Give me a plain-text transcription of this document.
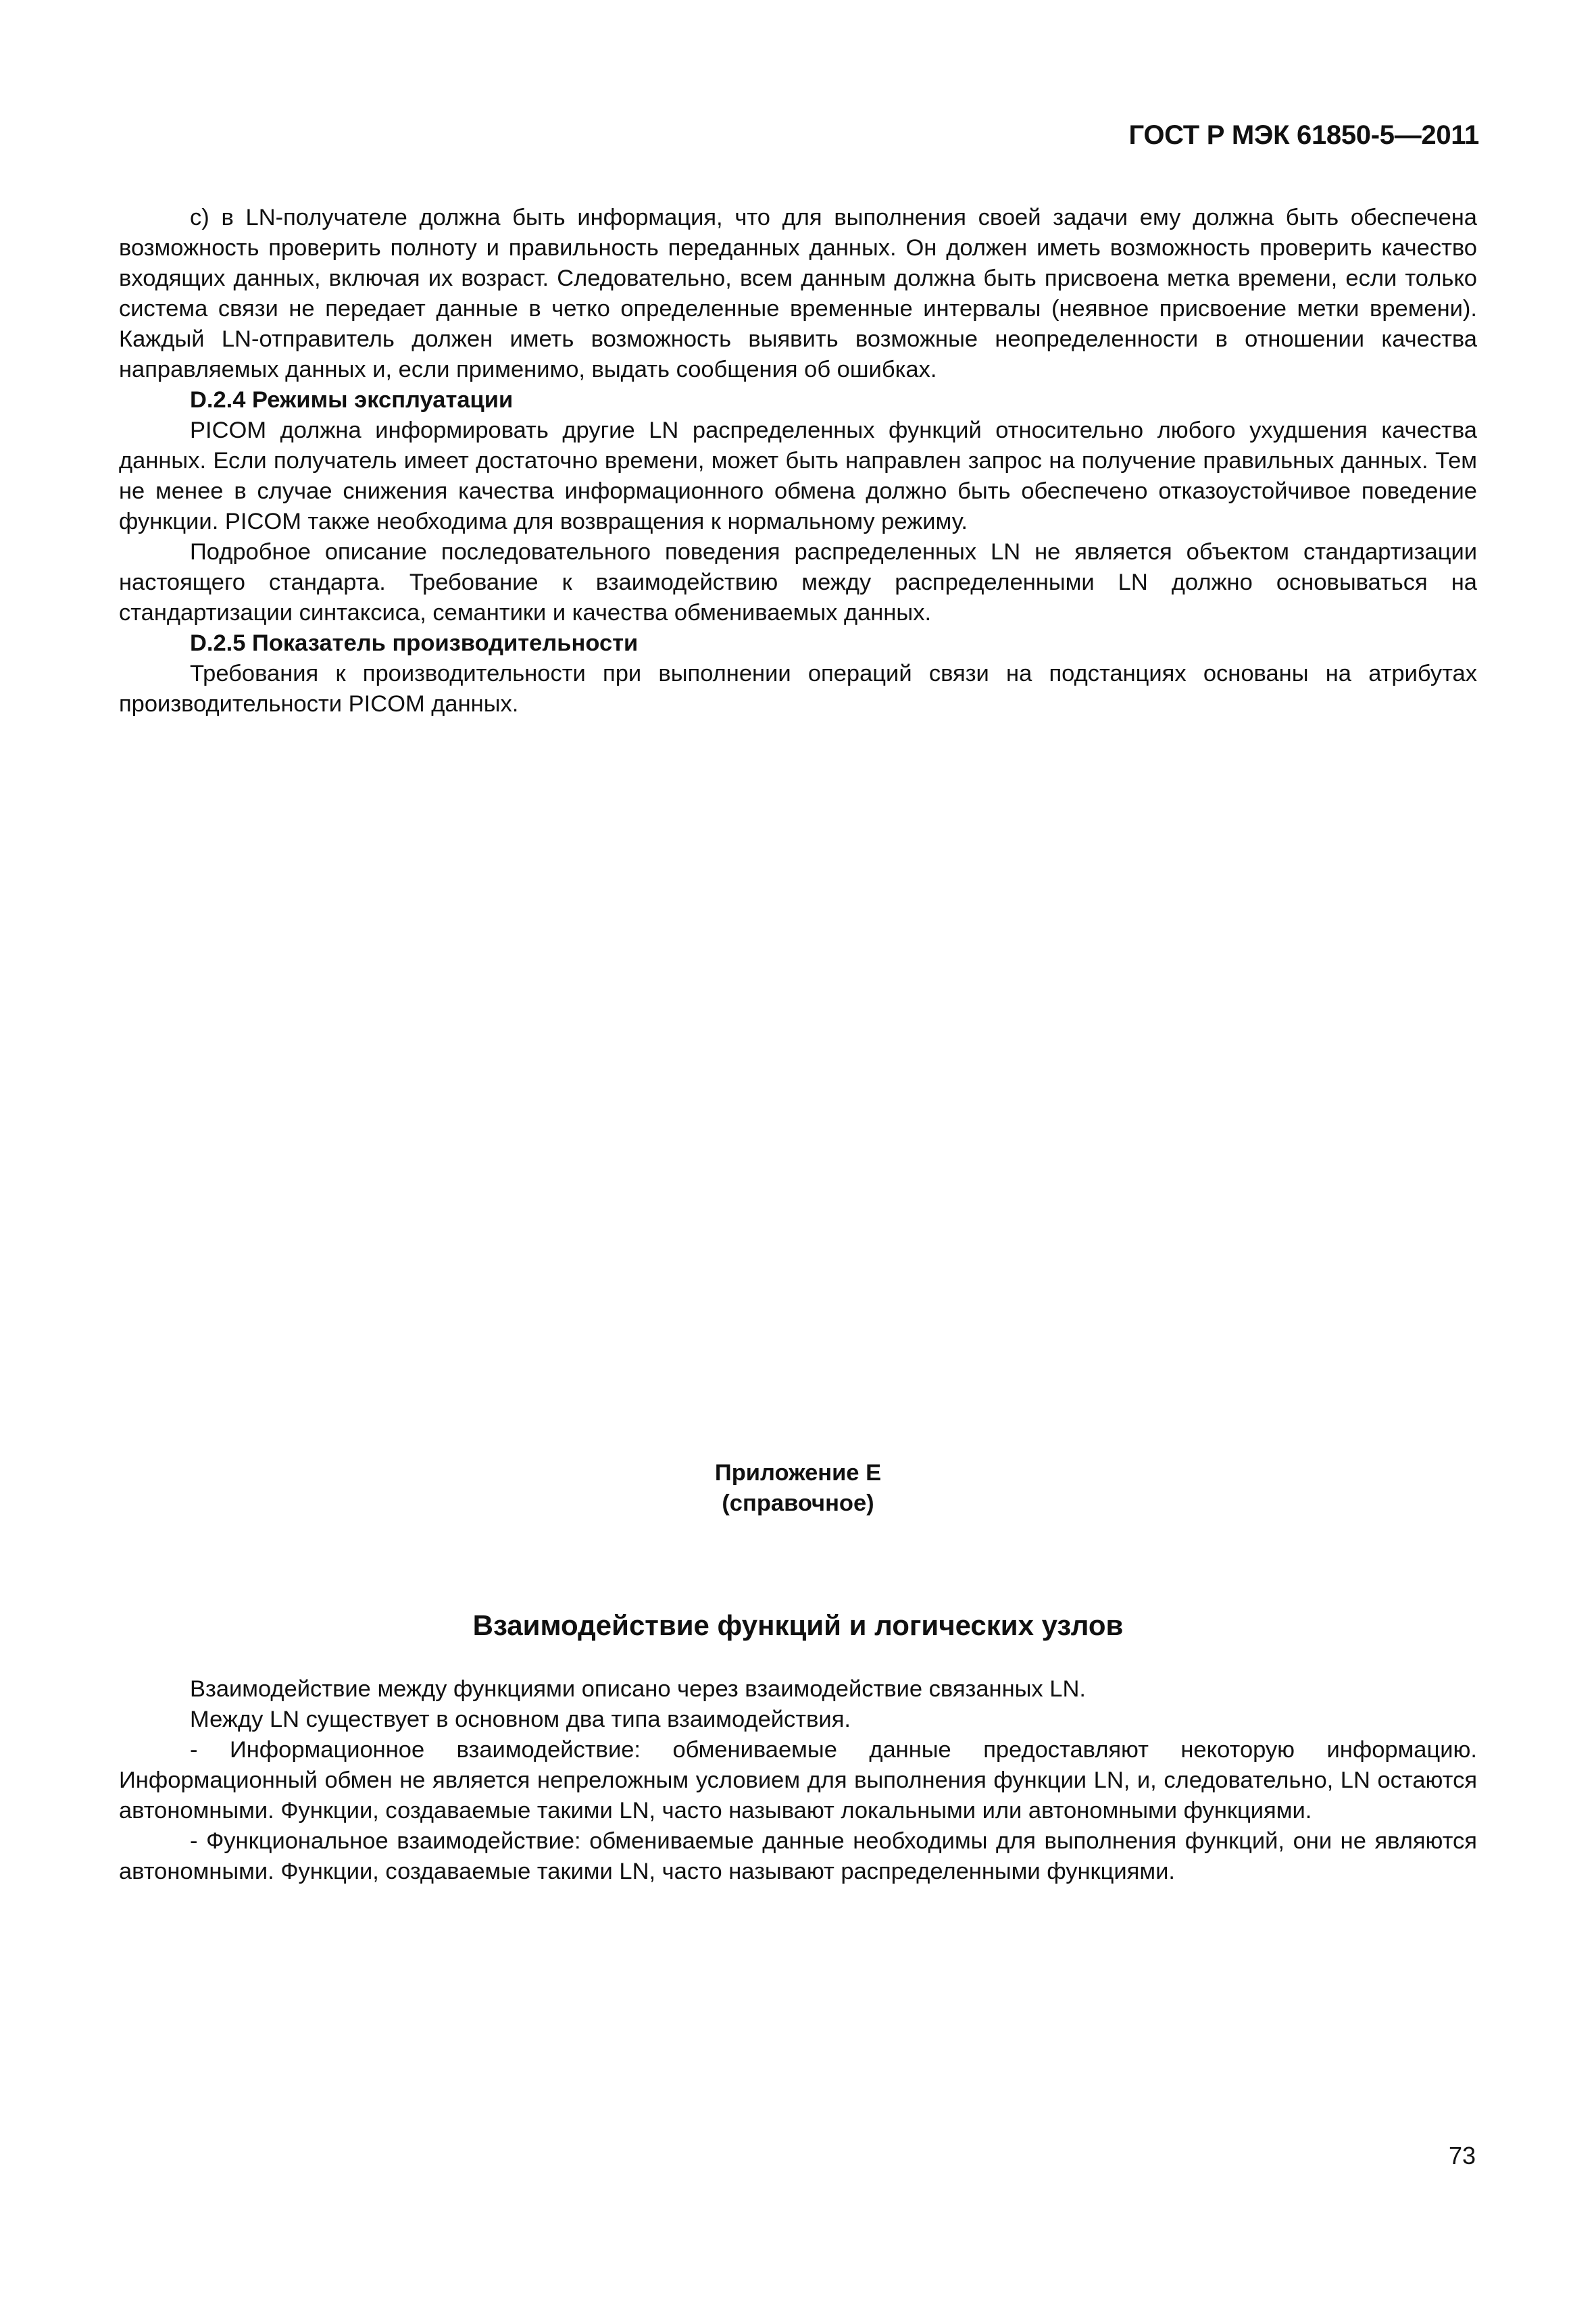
ГОСТ Р МЭК 61850-5—2011

с) в LN-получателе должна быть информация, что для выполнения своей задачи ему должна быть обеспечена возможность проверить полноту и правильность переданных данных. Он должен иметь возможность проверить качество входящих данных, включая их возраст. Следовательно, всем данным должна быть присвоена метка времени, если только система связи не передает данные в четко определенные временные интервалы (неявное присвоение метки времени). Каждый LN-отправитель должен иметь возможность выявить возможные неопределенности в отношении качества направляемых данных и, если применимо, выдать сообщения об ошибках.

D.2.4 Режимы эксплуатации

PICOM должна информировать другие LN распределенных функций относительно любого ухудшения качества данных. Если получатель имеет достаточно времени, может быть направлен запрос на получение правильных данных. Тем не менее в случае снижения качества информационного обмена должно быть обеспечено отказоустойчивое поведение функции. PICOM также необходима для возвращения к нормальному режиму.

Подробное описание последовательного поведения распределенных LN не является объектом стандартизации настоящего стандарта. Требование к взаимодействию между распределенными LN должно основываться на стандартизации синтаксиса, семантики и качества обмениваемых данных.

D.2.5 Показатель производительности

Требования к производительности при выполнении операций связи на подстанциях основаны на атрибутах производительности PICOM данных.

Приложение Е
(справочное)
Взаимодействие функций и логических узлов

Взаимодействие между функциями описано через взаимодействие связанных LN.

Между LN существует в основном два типа взаимодействия.

- Информационное взаимодействие: обмениваемые данные предоставляют некоторую информацию. Информационный обмен не является непреложным условием для выполнения функции LN, и, следовательно, LN остаются автономными. Функции, создаваемые такими LN, часто называют локальными или автономными функциями.

- Функциональное взаимодействие: обмениваемые данные необходимы для выполнения функций, они не являются автономными. Функции, создаваемые такими LN, часто называют распределенными функциями.

73
